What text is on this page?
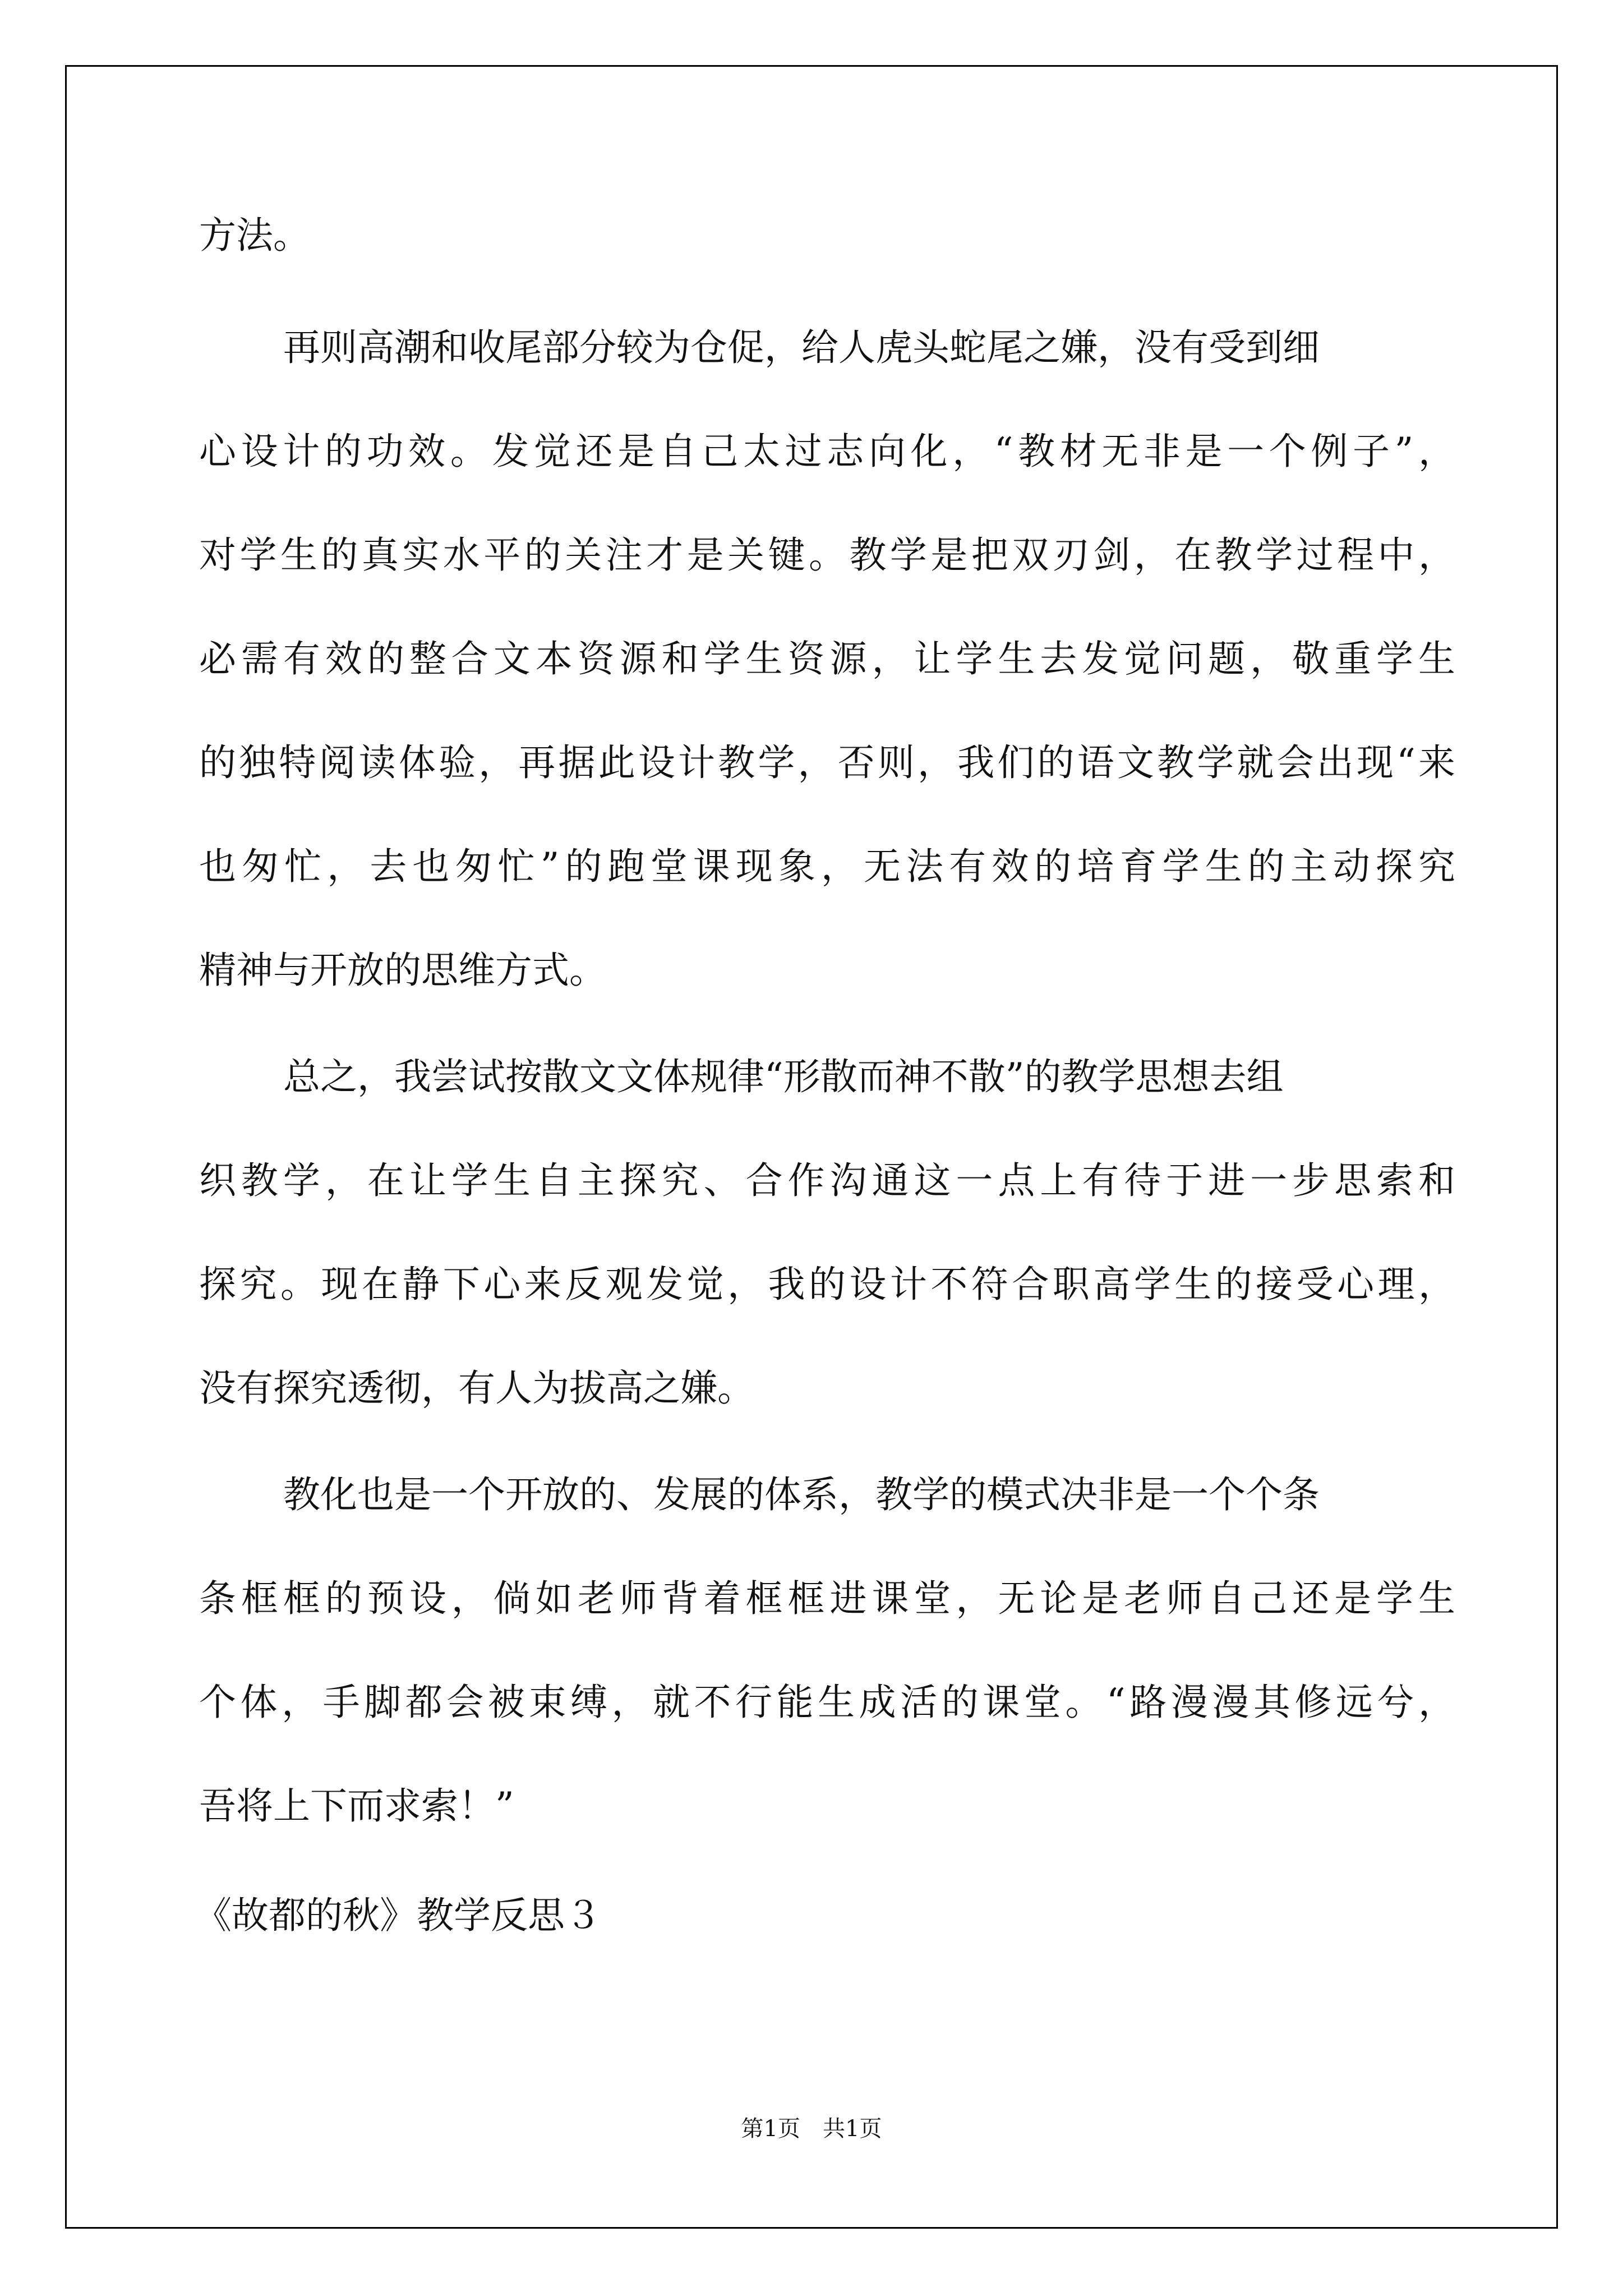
方法。
再则高潮和收尾部分较为仓促，给人虎头蛇尾之嫌，没有受到细
心设计的功效。发觉还是自己太过志向化，“教材无非是一个例子”，
对学生的真实水平的关注才是关键。教学是把双刃剑，在教学过程中，
必需有效的整合文本资源和学生资源，让学生去发觉问题，敬重学生
的独特阅读体验，再据此设计教学，否则，我们的语文教学就会出现“来
也匆忙，去也匆忙”的跑堂课现象，无法有效的培育学生的主动探究
精神与开放的思维方式。
总之，我尝试按散文文体规律“形散而神不散”的教学思想去组
织教学，在让学生自主探究、合作沟通这一点上有待于进一步思索和
探究。现在静下心来反观发觉，我的设计不符合职高学生的接受心理，
没有探究透彻，有人为拔高之嫌。
教化也是一个开放的、发展的体系，教学的模式决非是一个个条
条框框的预设，倘如老师背着框框进课堂，无论是老师自己还是学生
个体，手脚都会被束缚，就不行能生成活的课堂。“路漫漫其修远兮，
吾将上下而求索！”
《故都的秋》教学反思３
第1页　共1页
